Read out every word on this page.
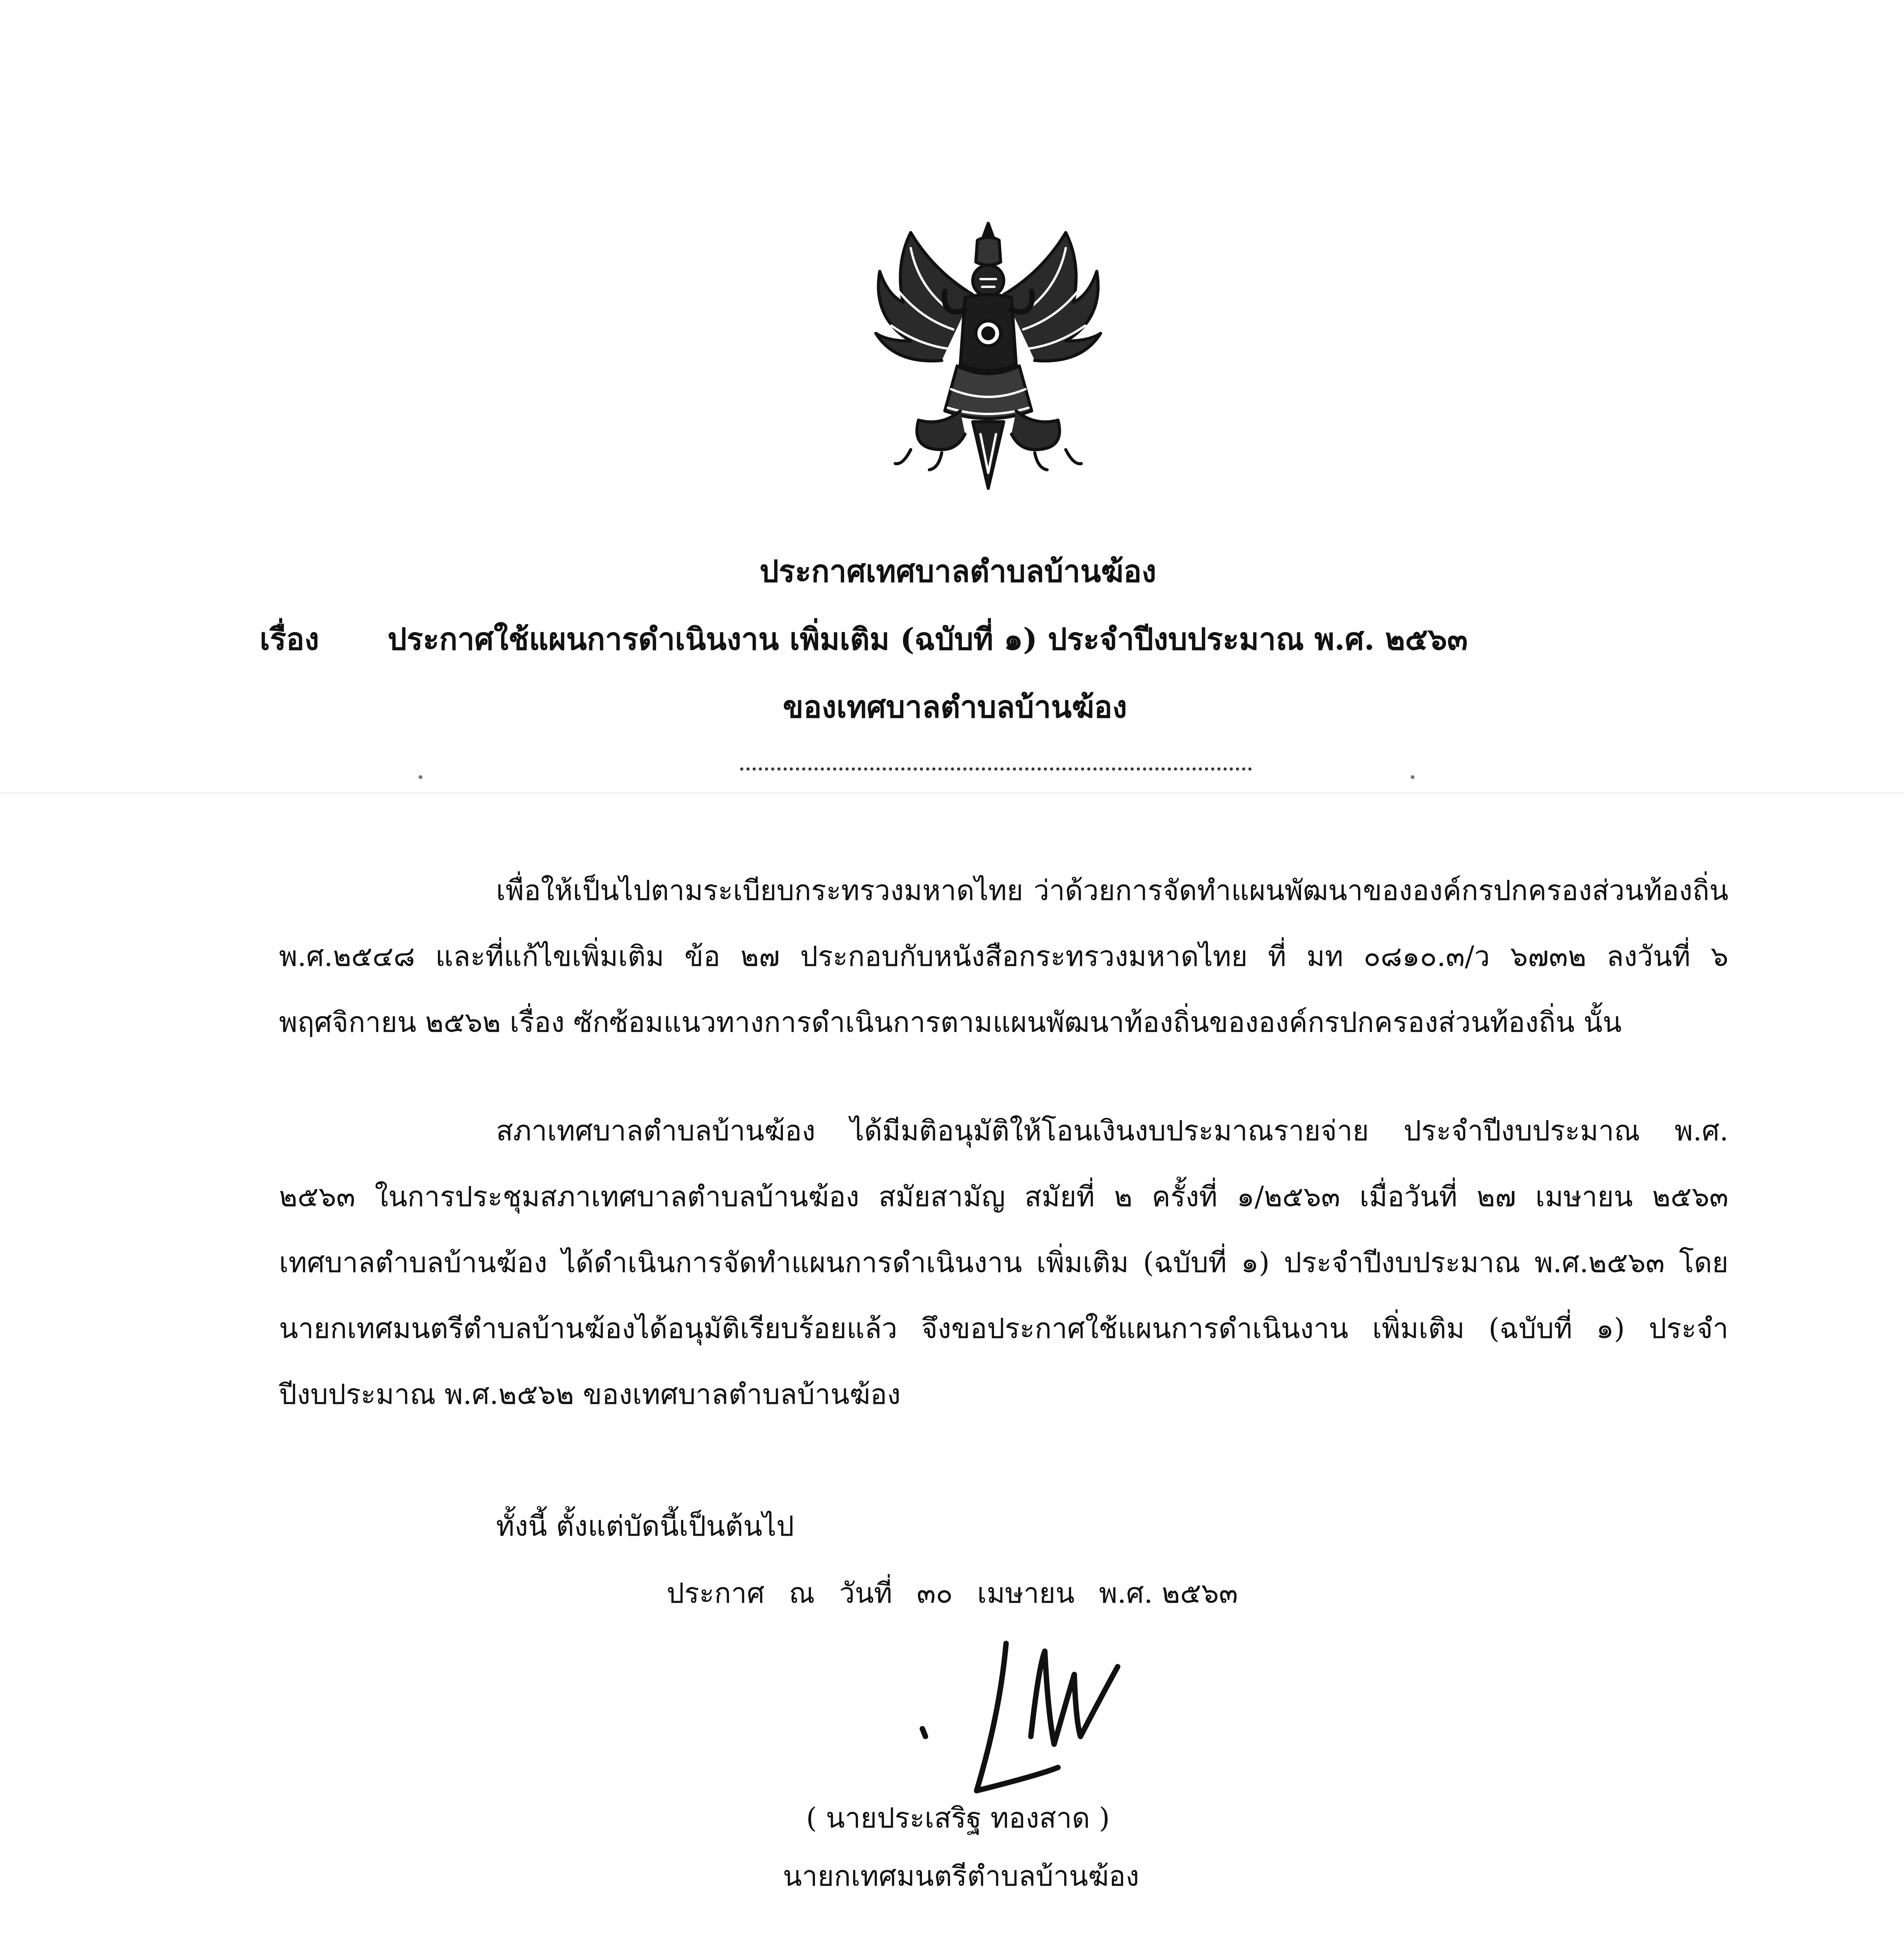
ประกาศเทศบาลตำบลบ้านฆ้อง
เรื่อง ประกาศใช้แผนการดำเนินงาน เพิ่มเติม (ฉบับที่ ๑) ประจำปีงบประมาณ พ.ศ. ๒๕๖๓
ของเทศบาลตำบลบ้านฆ้อง

เพื่อให้เป็นไปตามระเบียบกระทรวงมหาดไทย ว่าด้วยการจัดทำแผนพัฒนาขององค์กรปกครองส่วนท้องถิ่น พ.ศ.๒๕๔๘ และที่แก้ไขเพิ่มเติม ข้อ ๒๗ ประกอบกับหนังสือกระทรวงมหาดไทย ที่ มท ๐๘๑๐.๓/ว ๖๗๓๒ ลงวันที่ ๖ พฤศจิกายน ๒๕๖๒ เรื่อง ซักซ้อมแนวทางการดำเนินการตามแผนพัฒนาท้องถิ่นขององค์กรปกครองส่วนท้องถิ่น นั้น

สภาเทศบาลตำบลบ้านฆ้อง ได้มีมติอนุมัติให้โอนเงินงบประมาณรายจ่าย ประจำปีงบประมาณ พ.ศ. ๒๕๖๓ ในการประชุมสภาเทศบาลตำบลบ้านฆ้อง สมัยสามัญ สมัยที่ ๒ ครั้งที่ ๑/๒๕๖๓ เมื่อวันที่ ๒๗ เมษายน ๒๕๖๓ เทศบาลตำบลบ้านฆ้อง ได้ดำเนินการจัดทำแผนการดำเนินงาน เพิ่มเติม (ฉบับที่ ๑) ประจำปีงบประมาณ พ.ศ.๒๕๖๓ โดยนายกเทศมนตรีตำบลบ้านฆ้องได้อนุมัติเรียบร้อยแล้ว จึงขอประกาศใช้แผนการดำเนินงาน เพิ่มเติม (ฉบับที่ ๑) ประจำปีงบประมาณ พ.ศ.๒๕๖๒ ของเทศบาลตำบลบ้านฆ้อง

ทั้งนี้ ตั้งแต่บัดนี้เป็นต้นไป

ประกาศ ณ วันที่ ๓๐ เมษายน พ.ศ. ๒๕๖๓
( นายประเสริฐ ทองสาด )
นายกเทศมนตรีตำบลบ้านฆ้อง
